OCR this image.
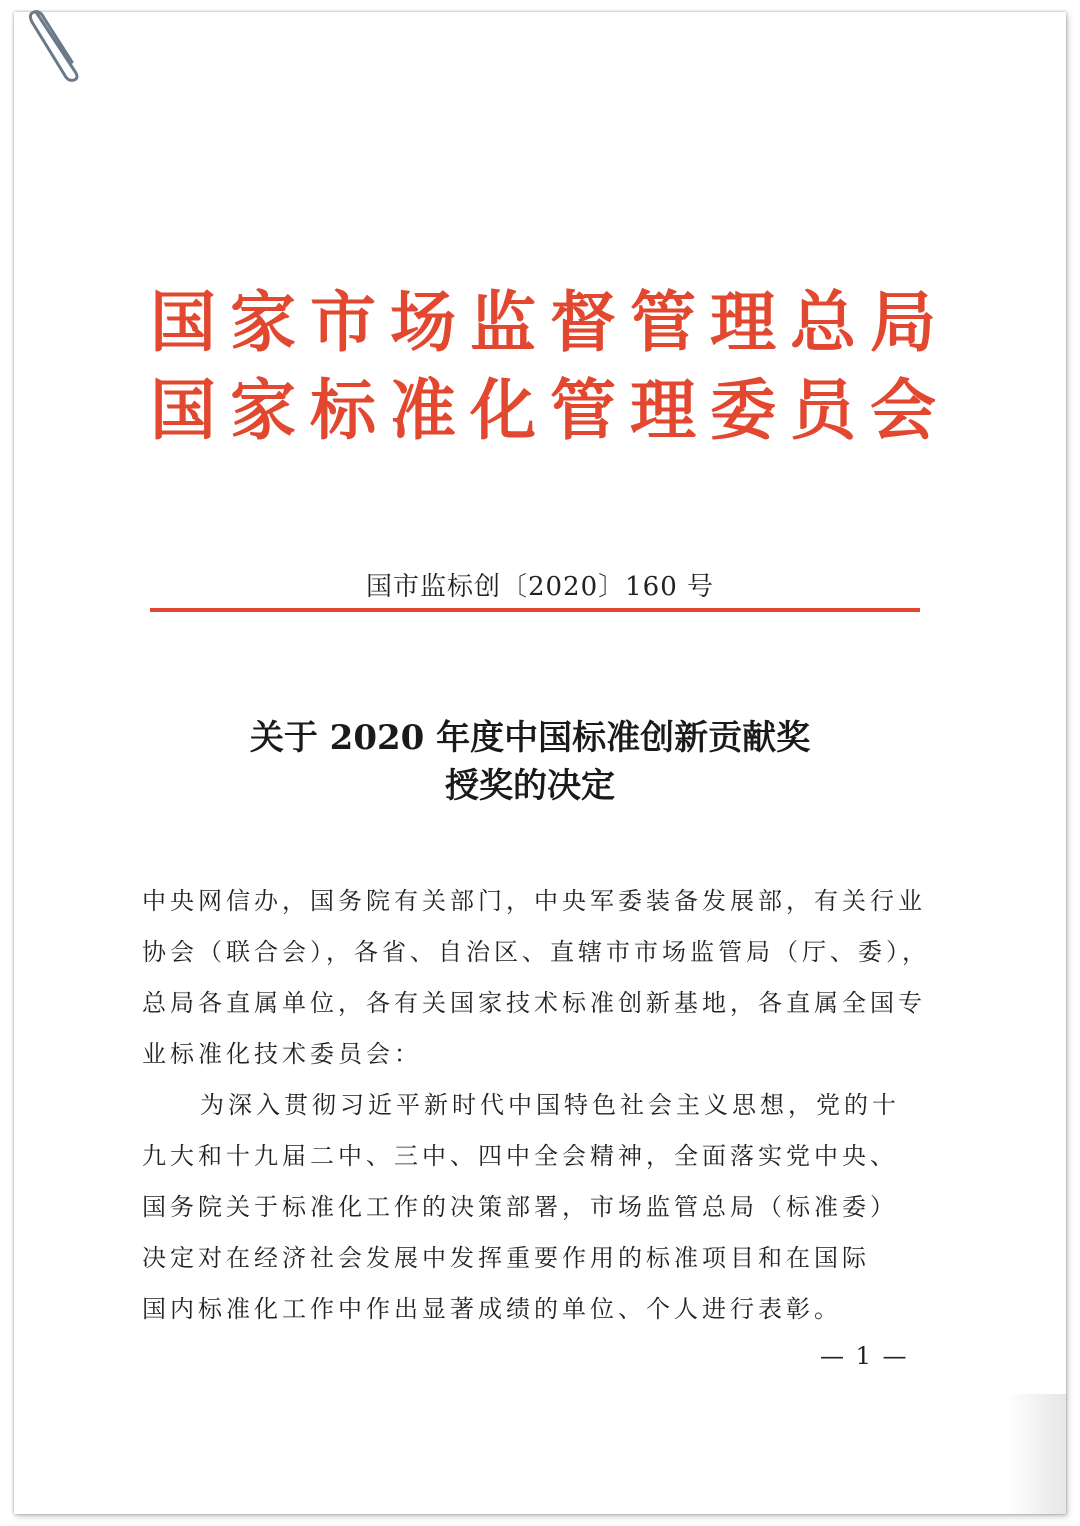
国家市场监督管理总局
国家标准化管理委员会
国市监标创〔2020〕160 号
关于 2020 年度中国标准创新贡献奖
授奖的决定
中央网信办，国务院有关部门，中央军委装备发展部，有关行业
协会（联合会），各省、自治区、直辖市市场监管局（厅、委），
总局各直属单位，各有关国家技术标准创新基地，各直属全国专
业标准化技术委员会：
为深入贯彻习近平新时代中国特色社会主义思想，党的十
九大和十九届二中、三中、四中全会精神，全面落实党中央、
国务院关于标准化工作的决策部署，市场监管总局（标准委）
决定对在经济社会发展中发挥重要作用的标准项目和在国际
国内标准化工作中作出显著成绩的单位、个人进行表彰。
— 1 —
